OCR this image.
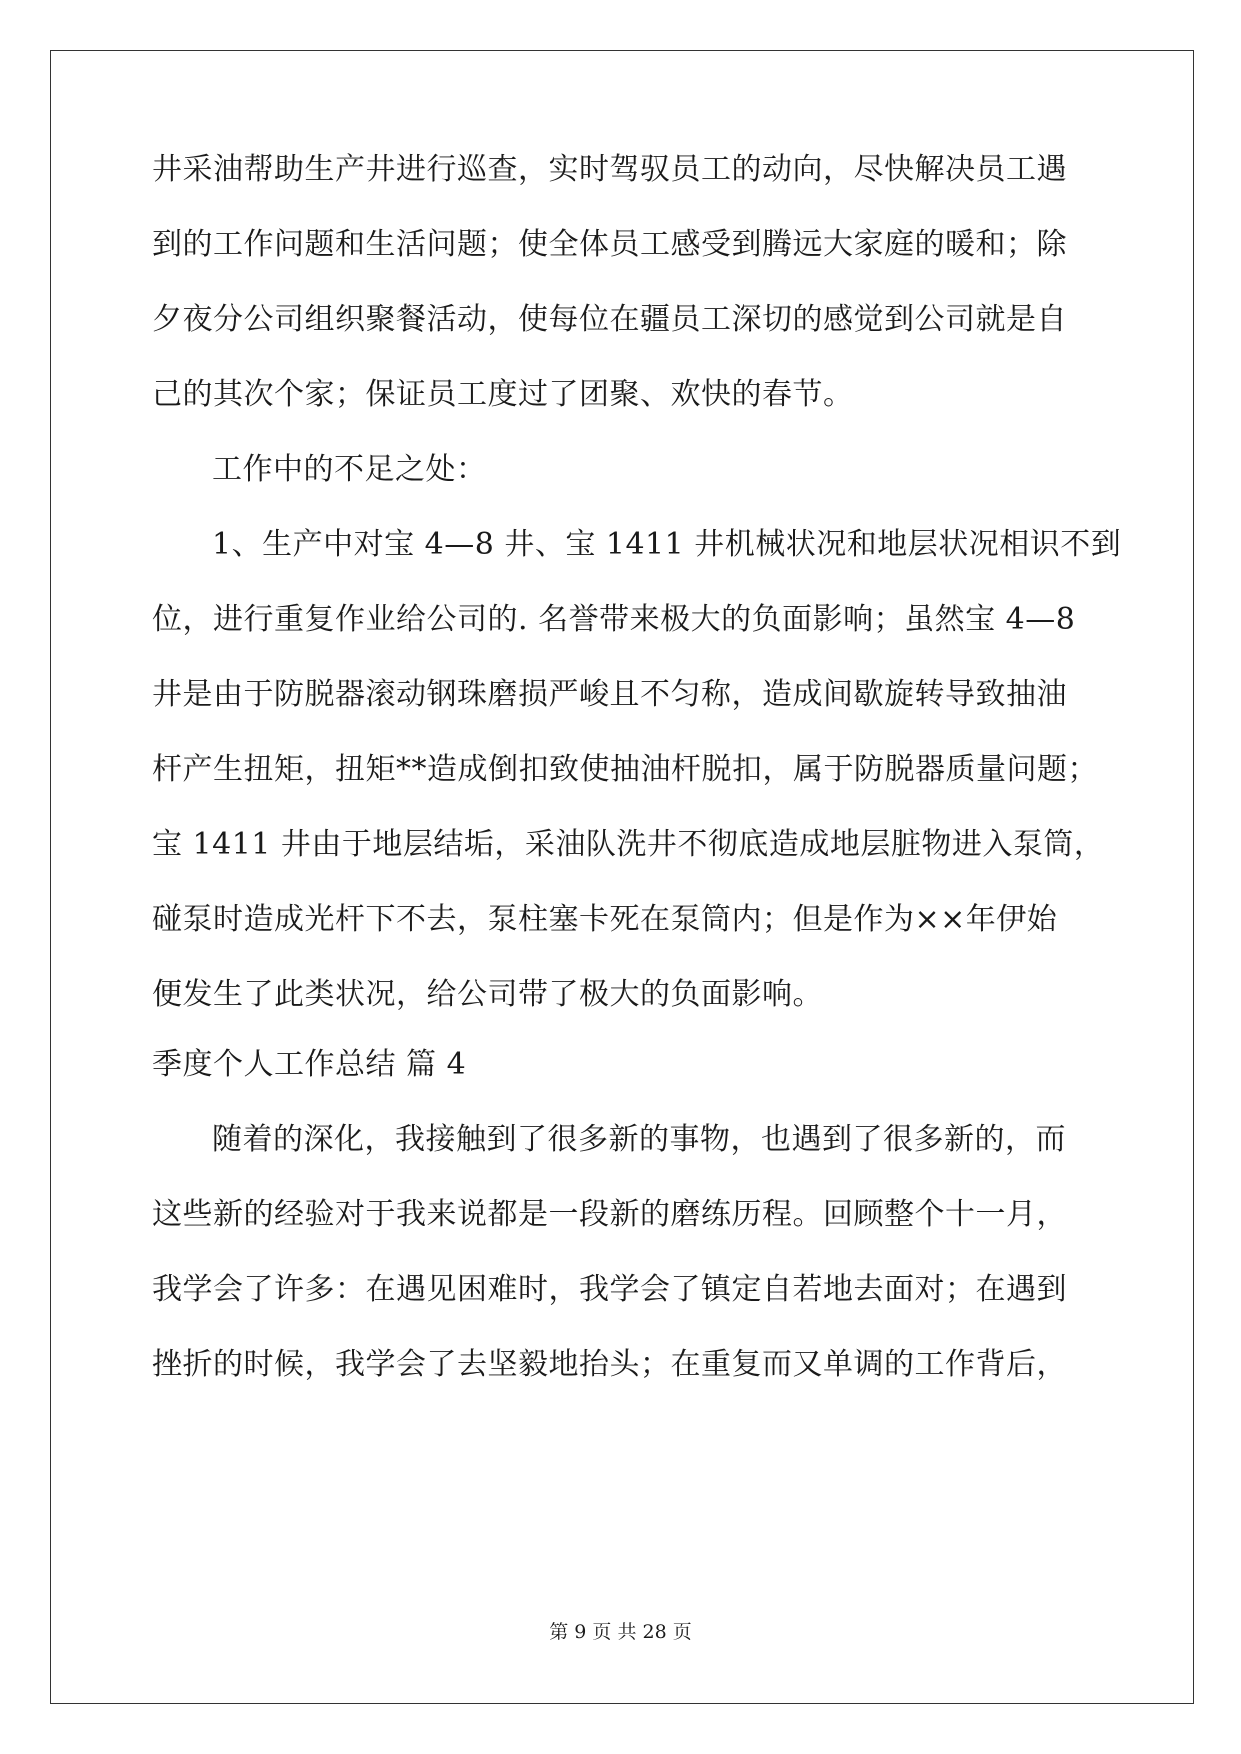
井采油帮助生产井进行巡查，实时驾驭员工的动向，尽快解决员工遇
到的工作问题和生活问题；使全体员工感受到腾远大家庭的暖和；除
夕夜分公司组织聚餐活动，使每位在疆员工深切的感觉到公司就是自
己的其次个家；保证员工度过了团聚、欢快的春节。
工作中的不足之处：
1、生产中对宝 4—8 井、宝 1411 井机械状况和地层状况相识不到
位，进行重复作业给公司的. 名誉带来极大的负面影响；虽然宝 4—8
井是由于防脱器滚动钢珠磨损严峻且不匀称，造成间歇旋转导致抽油
杆产生扭矩，扭矩**造成倒扣致使抽油杆脱扣，属于防脱器质量问题；
宝 1411 井由于地层结垢，采油队洗井不彻底造成地层脏物进入泵筒，
碰泵时造成光杆下不去，泵柱塞卡死在泵筒内；但是作为××年伊始
便发生了此类状况，给公司带了极大的负面影响。
季度个人工作总结 篇 4
随着的深化，我接触到了很多新的事物，也遇到了很多新的，而
这些新的经验对于我来说都是一段新的磨练历程。回顾整个十一月，
我学会了许多：在遇见困难时，我学会了镇定自若地去面对；在遇到
挫折的时候，我学会了去坚毅地抬头；在重复而又单调的工作背后，
第 9 页 共 28 页
